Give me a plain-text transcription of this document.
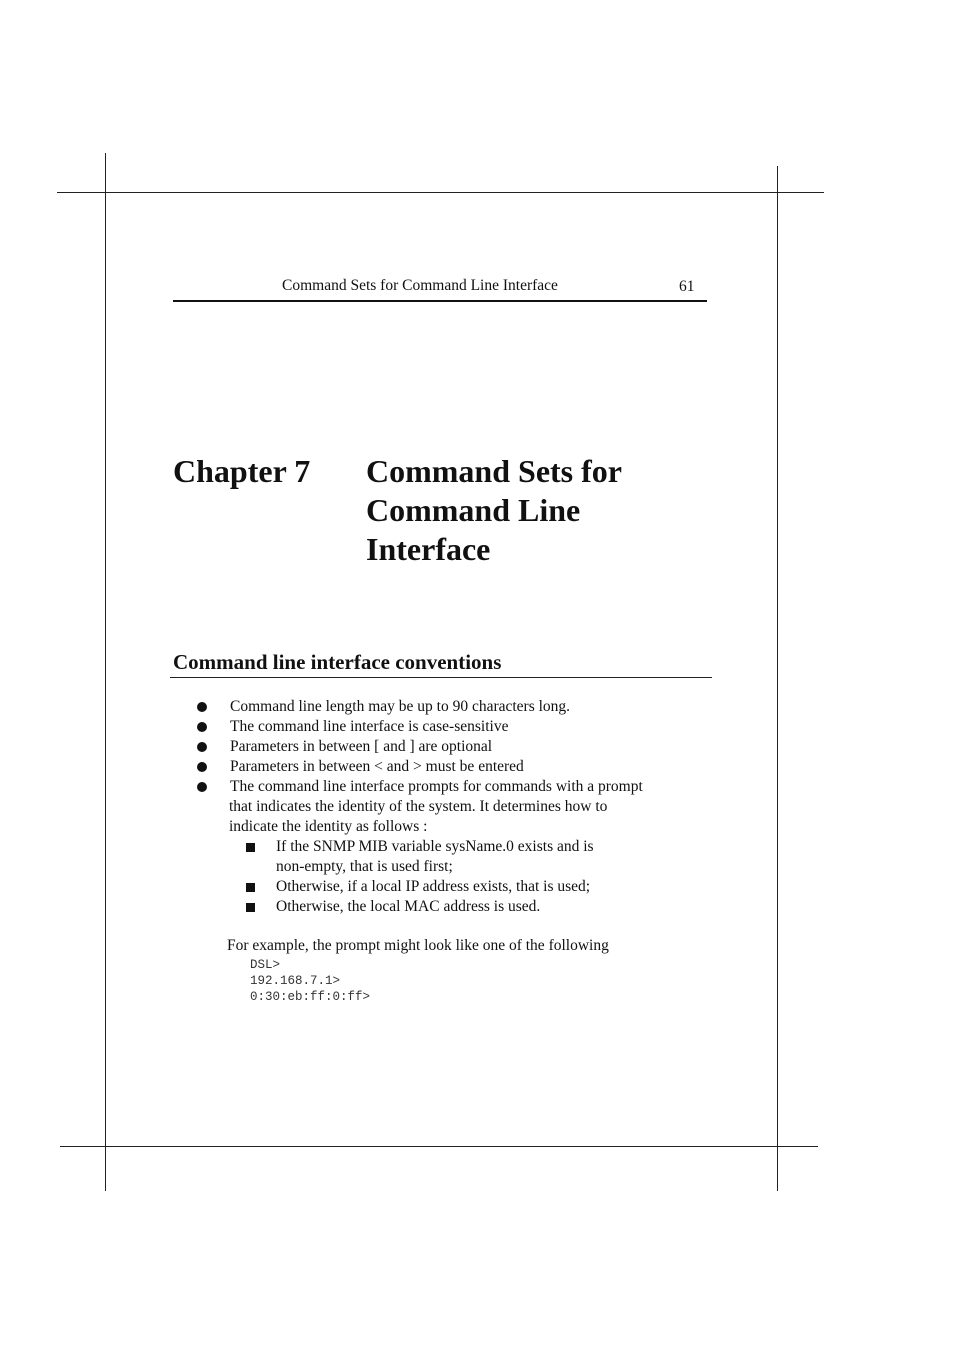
Command Sets for Command Line Interface	61
Chapter 7 Command Sets for
Command Line
Interface
Command line interface conventions
Command line length may be up to 90 characters long.
The command line interface is case-sensitive
Parameters in between [ and ] are optional
Parameters in between < and > must be entered
The command line interface prompts for commands with a prompt
that indicates the identity of the system. It determines how to
indicate the identity as follows :
If the SNMP MIB variable sysName.0 exists and is
non-empty, that is used first;
Otherwise, if a local IP address exists, that is used;
Otherwise, the local MAC address is used.
For example, the prompt might look like one of the following
DSL>
192.168.7.1>
0:30:eb:ff:0:ff>
